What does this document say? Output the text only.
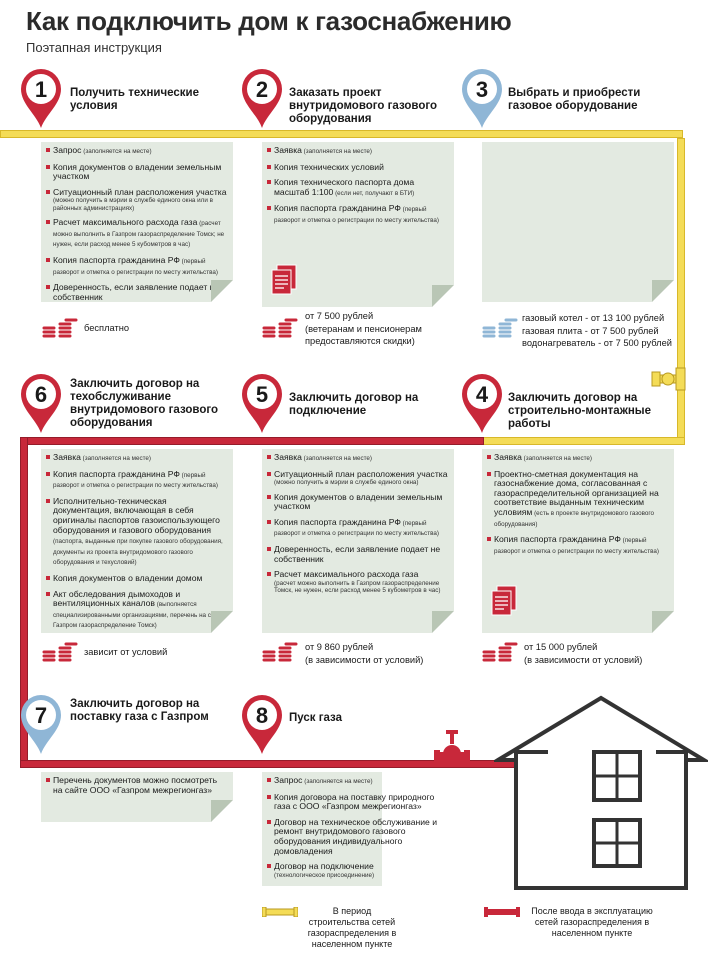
Как подключить дом к газоснабжению
Поэтапная инструкция
1 Получить технические условия
Запрос (заполняется на месте)
Копия документов о владении земельным участком
Ситуационный план расположения участка
(можно получить в мэрии в службе единого окна или в районных администрациях)
Расчет максимального расхода газа (расчет можно выполнить в Газпром газораспределение Томск; не нужен, если расход менее 5 кубометров в час)
Копия паспорта гражданина РФ (первый разворот и отметка о регистрации по месту жительства)
Доверенность, если заявление подает не собственник
бесплатно
2 Заказать проект внутридомового газового оборудования
Заявка (заполняется на месте)
Копия технических условий
Копия технического паспорта дома масштаб 1:100 (если нет, получают в БТИ)
Копия паспорта гражданина РФ (первый разворот и отметка о регистрации по месту жительства)
от 7 500 рублей
(ветеранам и пенсионерам
предоставляются скидки)
3 Выбрать и приобрести газовое оборудование
газовый котел - от 13 100 рублей
газовая плита - от 7 500 рублей
водонагреватель - от 7 500 рублей
6 Заключить договор на техобслуживание внутридомового газового оборудования
Заявка (заполняется на месте)
Копия паспорта гражданина РФ (первый разворот и отметка о регистрации по месту жительства)
Исполнительно-техническая документация, включающая в себя оригиналы паспортов газоиспользующего оборудования и газового оборудования (паспорта, выданные при покупке газового оборудования, документы из проекта внутридомового газового оборудования и техусловий)
Копия документов о владении домом
Акт обследования дымоходов и вентиляционных каналов (выполняется специализированными организациями, перечень на сайте Газпром газораспределение Томск)
зависит от условий
5 Заключить договор на подключение
Заявка (заполняется на месте)
Ситуационный план расположения участка
(можно получить в мэрии в службе единого окна)
Копия документов о владении земельным участком
Копия паспорта гражданина РФ (первый разворот и отметка о регистрации по месту жительства)
Доверенность, если заявление подает не собственник
Расчет максимального расхода газа
(расчет можно выполнить в Газпром газораспределение Томск, не нужен, если расход менее 5 кубометров в час)
от 9 860 рублей
(в зависимости от условий)
4 Заключить договор на строительно-монтажные работы
Заявка (заполняется на месте)
Проектно-сметная документация на газоснабжение дома, согласованная с газораспределительной организацией на соответствие выданным техническим условиям (есть в проекте внутридомового газового оборудования)
Копия паспорта гражданина РФ (первый разворот и отметка о регистрации по месту жительства)
от 15 000 рублей
(в зависимости от условий)
7 Заключить договор на поставку газа с Газпром
Перечень документов можно посмотреть на сайте ООО «Газпром межрегионгаз»
8 Пуск газа
Запрос (заполняется на месте)
Копия договора на поставку природного газа с ООО «Газпром межрегионгаз»
Договор на техническое обслуживание и ремонт внутридомового газового оборудования индивидуального домовладения
Договор на подключение
(технологическое присоединение)
В период строительства сетей газораспределения в населенном пункте
После ввода в эксплуатацию сетей газораспределения в населенном пункте
